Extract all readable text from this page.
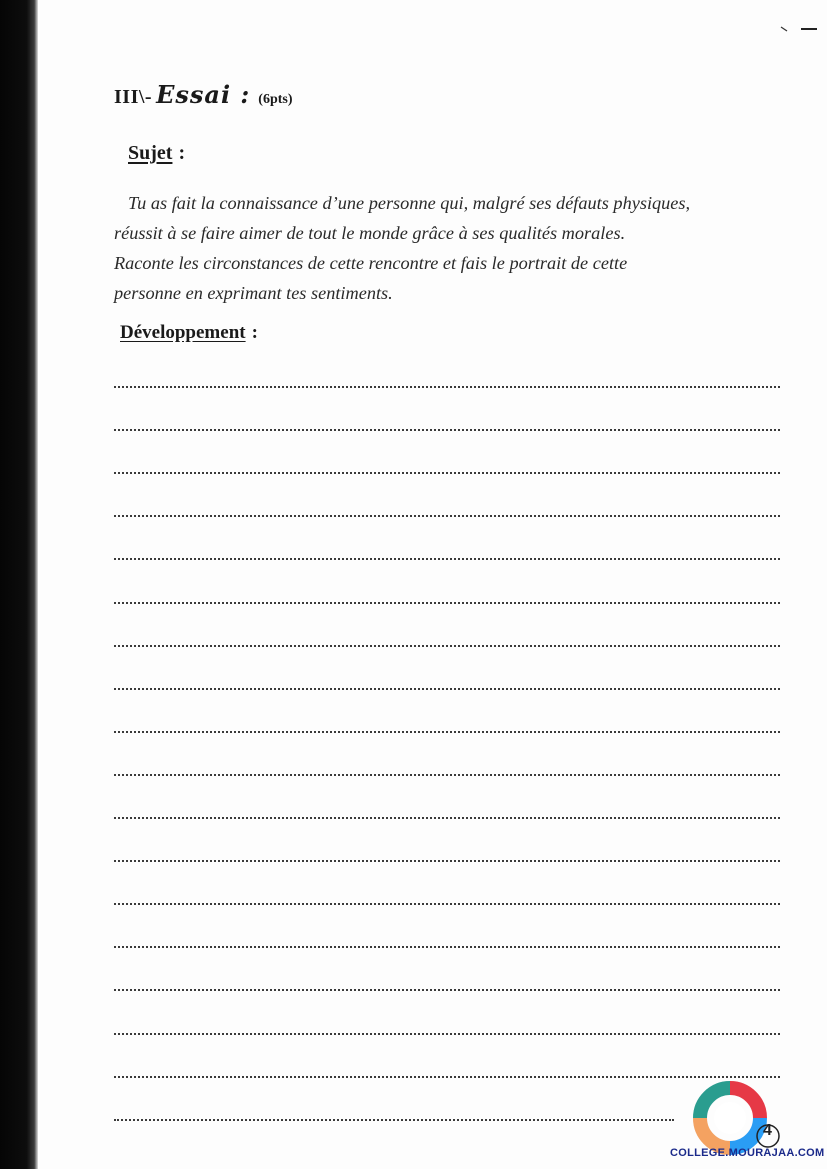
III\- Essai : (6pts)
Sujet :
Tu as fait la connaissance d’une personne qui, malgré ses défauts physiques,
réussit à se faire aimer de tout le monde grâce à ses qualités morales.
Raconte les circonstances de cette rencontre et fais le portrait de cette
personne en exprimant tes sentiments.
Développement :
4
COLLEGE.MOURAJAA.COM
